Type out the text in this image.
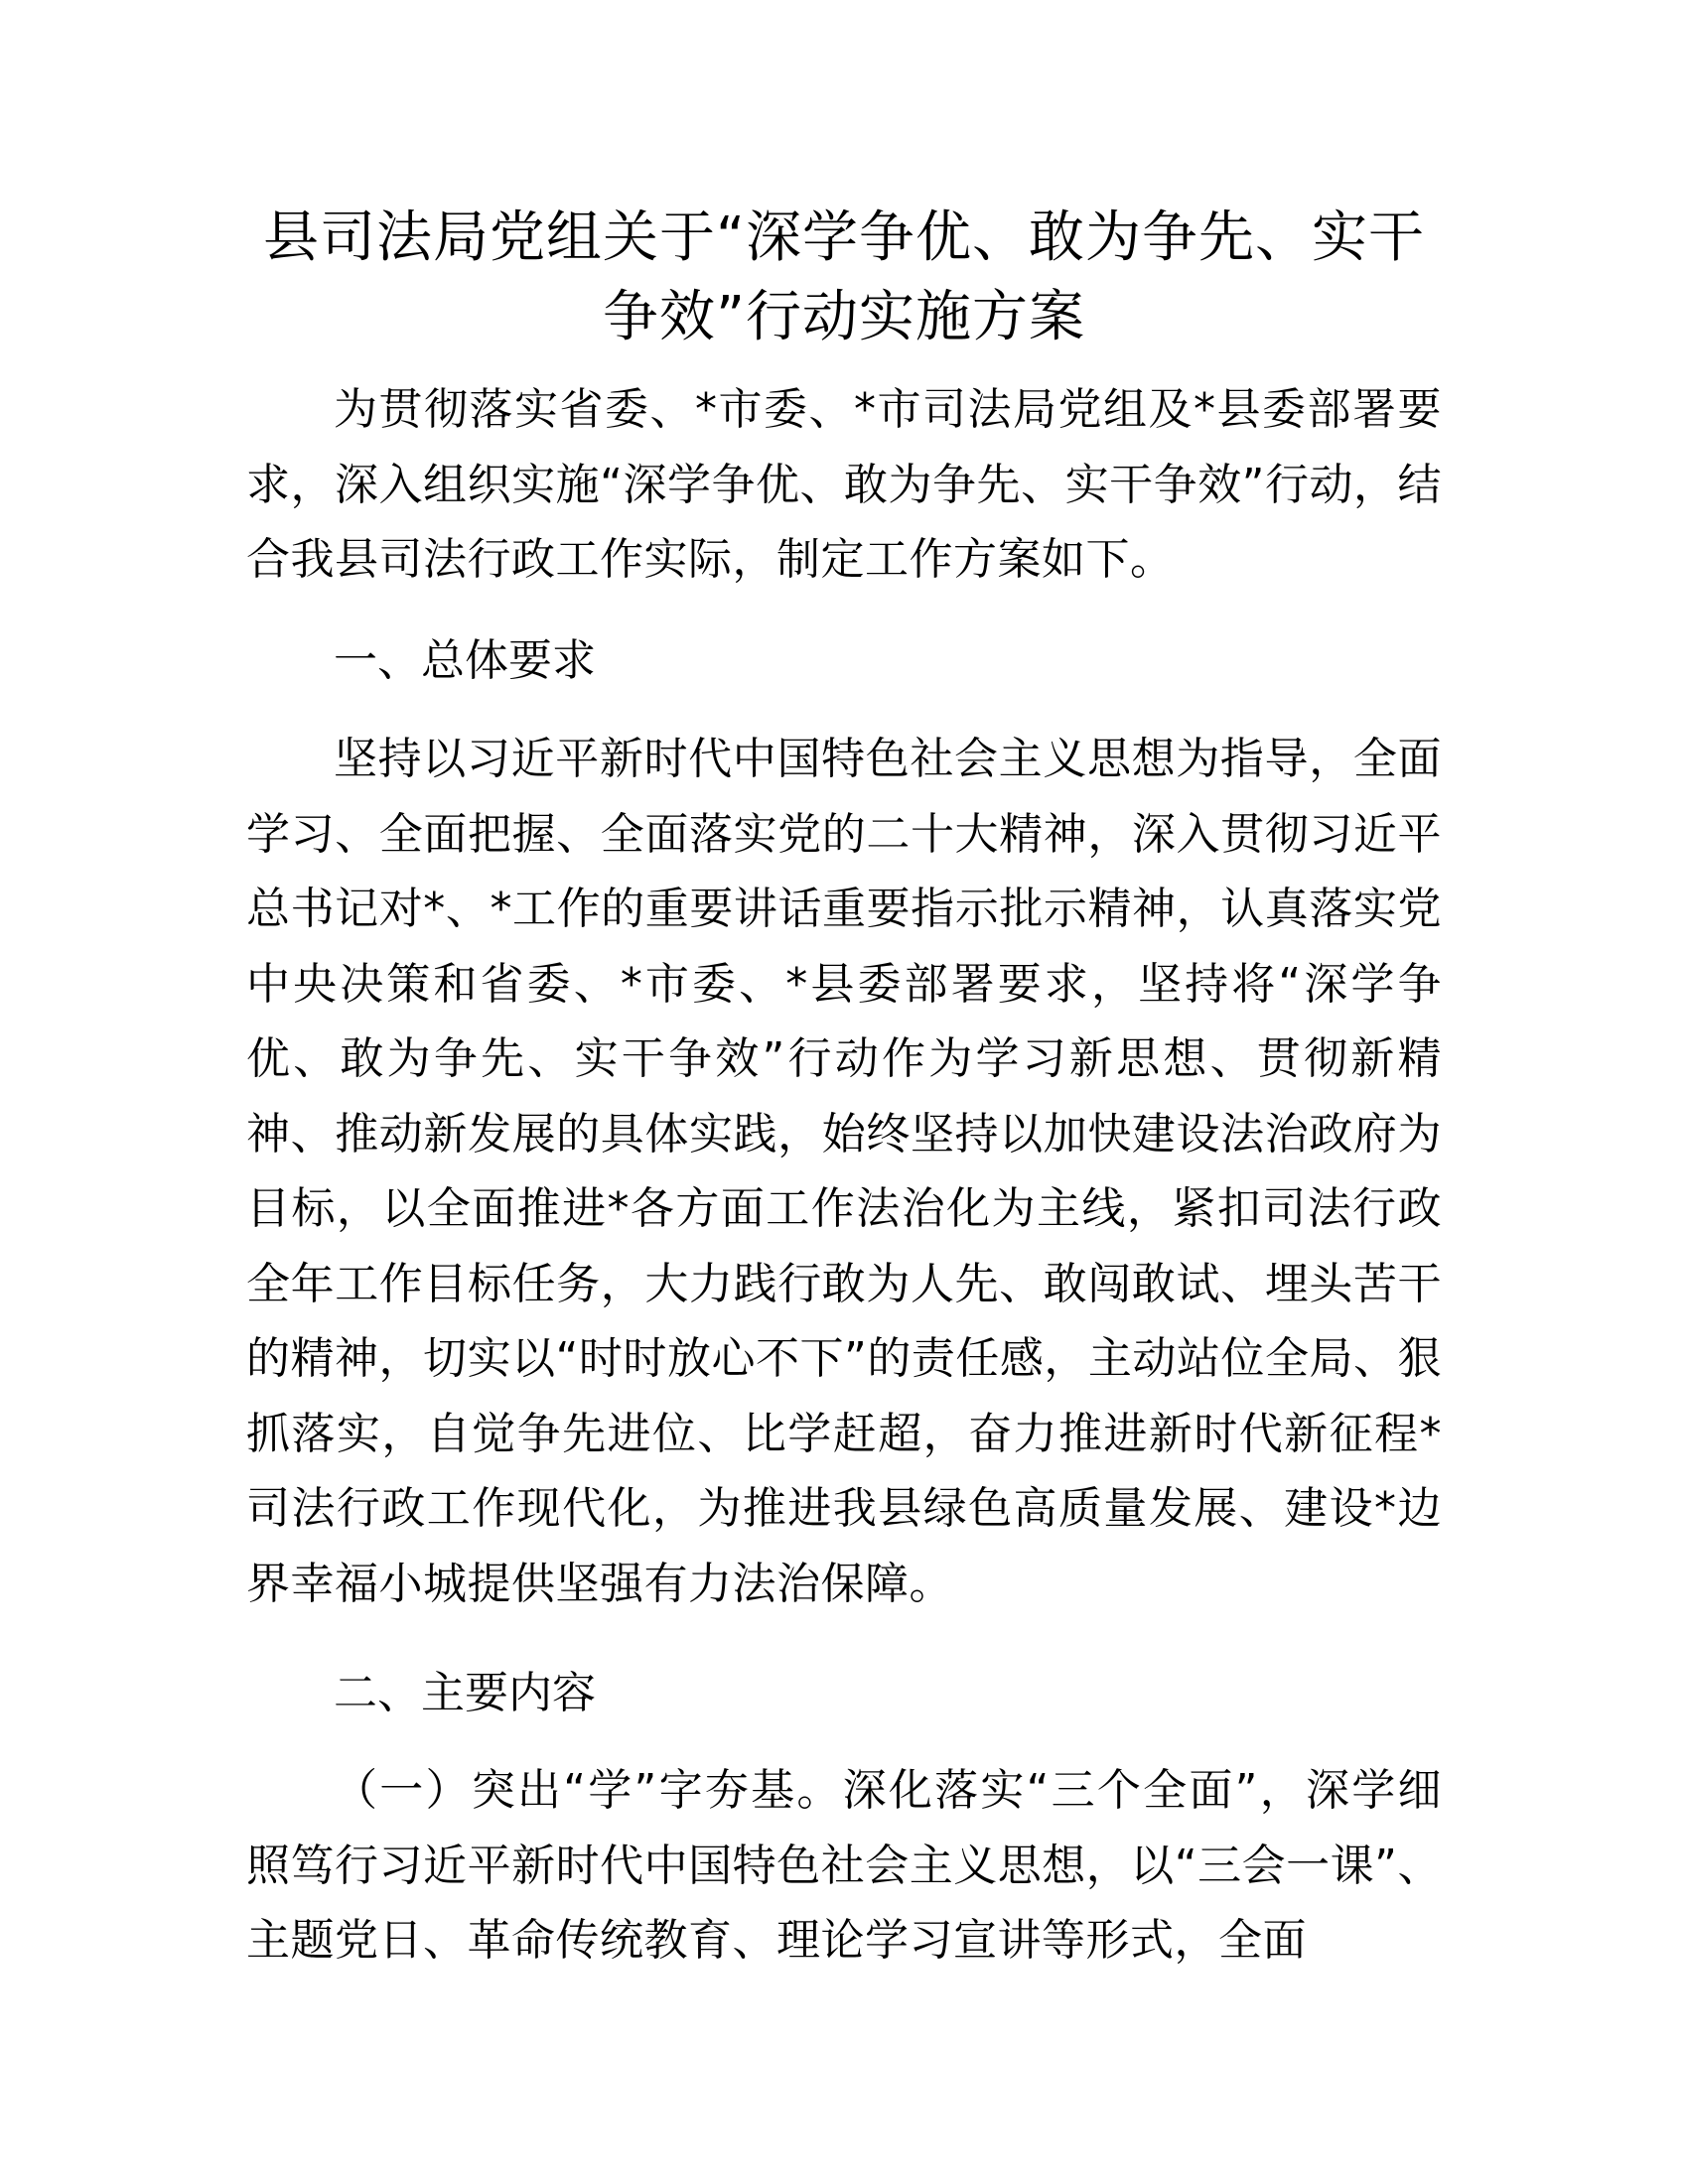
县司法局党组关于“深学争优、敢为争先、实干争效”行动实施方案

为贯彻落实省委、*市委、*市司法局党组及*县委部署要求，深入组织实施“深学争优、敢为争先、实干争效”行动，结合我县司法行政工作实际，制定工作方案如下。

一、总体要求

坚持以习近平新时代中国特色社会主义思想为指导，全面学习、全面把握、全面落实党的二十大精神，深入贯彻习近平总书记对*、*工作的重要讲话重要指示批示精神，认真落实党中央决策和省委、*市委、*县委部署要求，坚持将“深学争优、敢为争先、实干争效”行动作为学习新思想、贯彻新精神、推动新发展的具体实践，始终坚持以加快建设法治政府为目标，以全面推进*各方面工作法治化为主线，紧扣司法行政全年工作目标任务，大力践行敢为人先、敢闯敢试、埋头苦干的精神，切实以“时时放心不下”的责任感，主动站位全局、狠抓落实，自觉争先进位、比学赶超，奋力推进新时代新征程*司法行政工作现代化，为推进我县绿色高质量发展、建设*边界幸福小城提供坚强有力法治保障。

二、主要内容

（一）突出“学”字夯基。深化落实“三个全面”，深学细照笃行习近平新时代中国特色社会主义思想，以“三会一课”、主题党日、革命传统教育、理论学习宣讲等形式，全面
